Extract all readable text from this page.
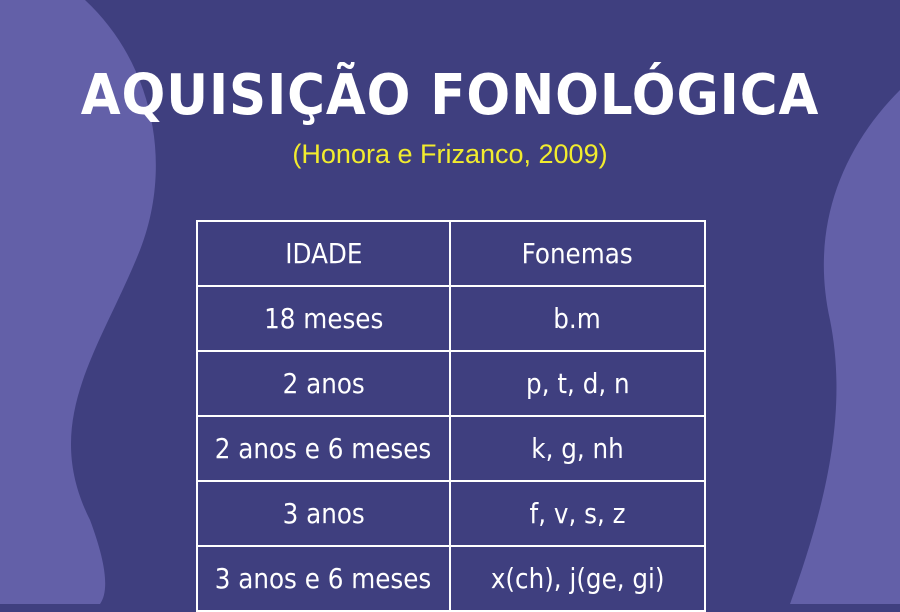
AQUISIÇÃO FONOLÓGICA

(Honora e Frizanco, 2009)

IDADE	Fonemas
18 meses	b.m
2 anos	p, t, d, n
2 anos e 6 meses	k, g, nh
3 anos	f, v, s, z
3 anos e 6 meses	x(ch), j(ge, gi)
